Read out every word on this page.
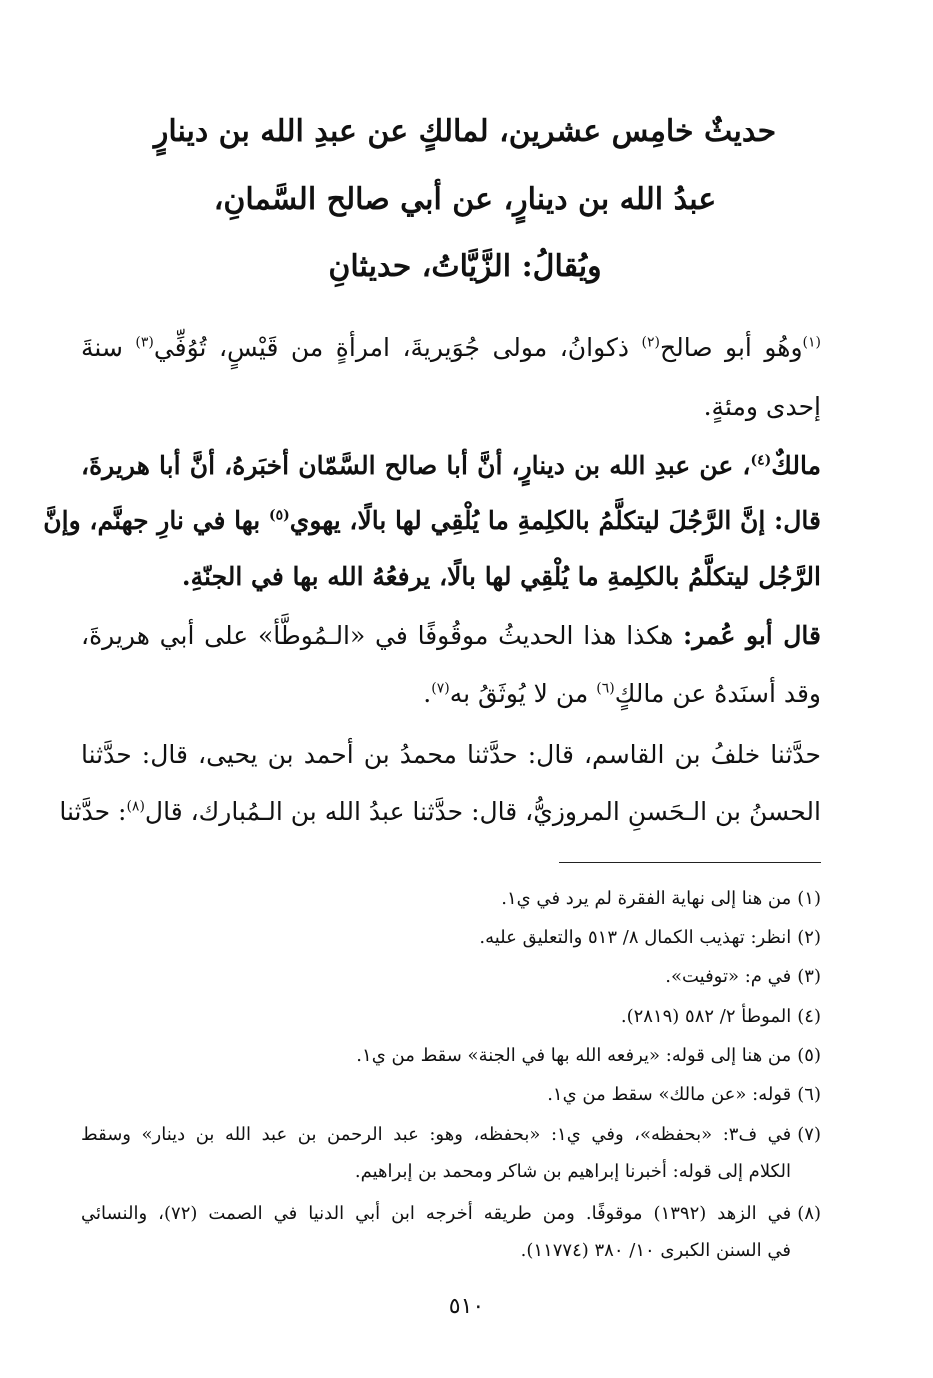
حديثٌ خامِس عشرين، لمالكٍ عن عبدِ الله بن دينارٍ
عبدُ الله بن دينارٍ، عن أبي صالح السَّمانِ،
ويُقالُ: الزَّيَّاتُ، حديثانِ
$^{(١)}$وهُو أبو صالح$^{(٢)}$ ذكوانُ، مولى جُوَيريةَ، امرأةٍ من قَيْسٍ، تُوُفِّي$^{(٣)}$ سنةَ
إحدى ومئةٍ.
مالكٌ$^{(٤)}$، عن عبدِ الله بن دينارٍ، أنَّ أبا صالح السَّمّان أخبَرهُ، أنَّ أبا هريرةَ،
قال: إنَّ الرَّجُلَ ليتكلَّمُ بالكلِمةِ ما يُلْقِي لها بالًا، يهوي$^{(٥)}$ بها في نارِ جهنَّم، وإنَّ
الرَّجُل ليتكلَّمُ بالكلِمةِ ما يُلْقِي لها بالًا، يرفعُهُ الله بها في الجنّةِ.
قال أبو عُمر: هكذا هذا الحديثُ موقُوفًا في «الـمُوطَّأ» على أبي هريرةَ،
وقد أسنَدهُ عن مالكٍ$^{(٦)}$ من لا يُوثَقُ به$^{(٧)}$.
حدَّثنا خلفُ بن القاسم، قال: حدَّثنا محمدُ بن أحمد بن يحيى، قال: حدَّثنا
الحسنُ بن الـحَسنِ المروزيُّ، قال: حدَّثنا عبدُ الله بن الـمُبارك، قال$^{(٨)}$: حدَّثنا
(١)من هنا إلى نهاية الفقرة لم يرد في ي١.
(٢)انظر: تهذيب الكمال ٨/ ٥١٣ والتعليق عليه.
(٣)في م: «توفيت».
(٤)الموطأ ٢/ ٥٨٢ (٢٨١٩).
(٥)من هنا إلى قوله: «يرفعه الله بها في الجنة» سقط من ي١.
(٦)قوله: «عن مالك» سقط من ي١.
(٧)في ف٣: «بحفظه»، وفي ي١: «بحفظه، وهو: عبد الرحمن بن عبد الله بن دينار» وسقط
الكلام إلى قوله: أخبرنا إبراهيم بن شاكر ومحمد بن إبراهيم.
(٨)في الزهد (١٣٩٢) موقوفًا. ومن طريقه أخرجه ابن أبي الدنيا في الصمت (٧٢)، والنسائي
في السنن الكبرى ١٠/ ٣٨٠ (١١٧٧٤).
٥١٠
